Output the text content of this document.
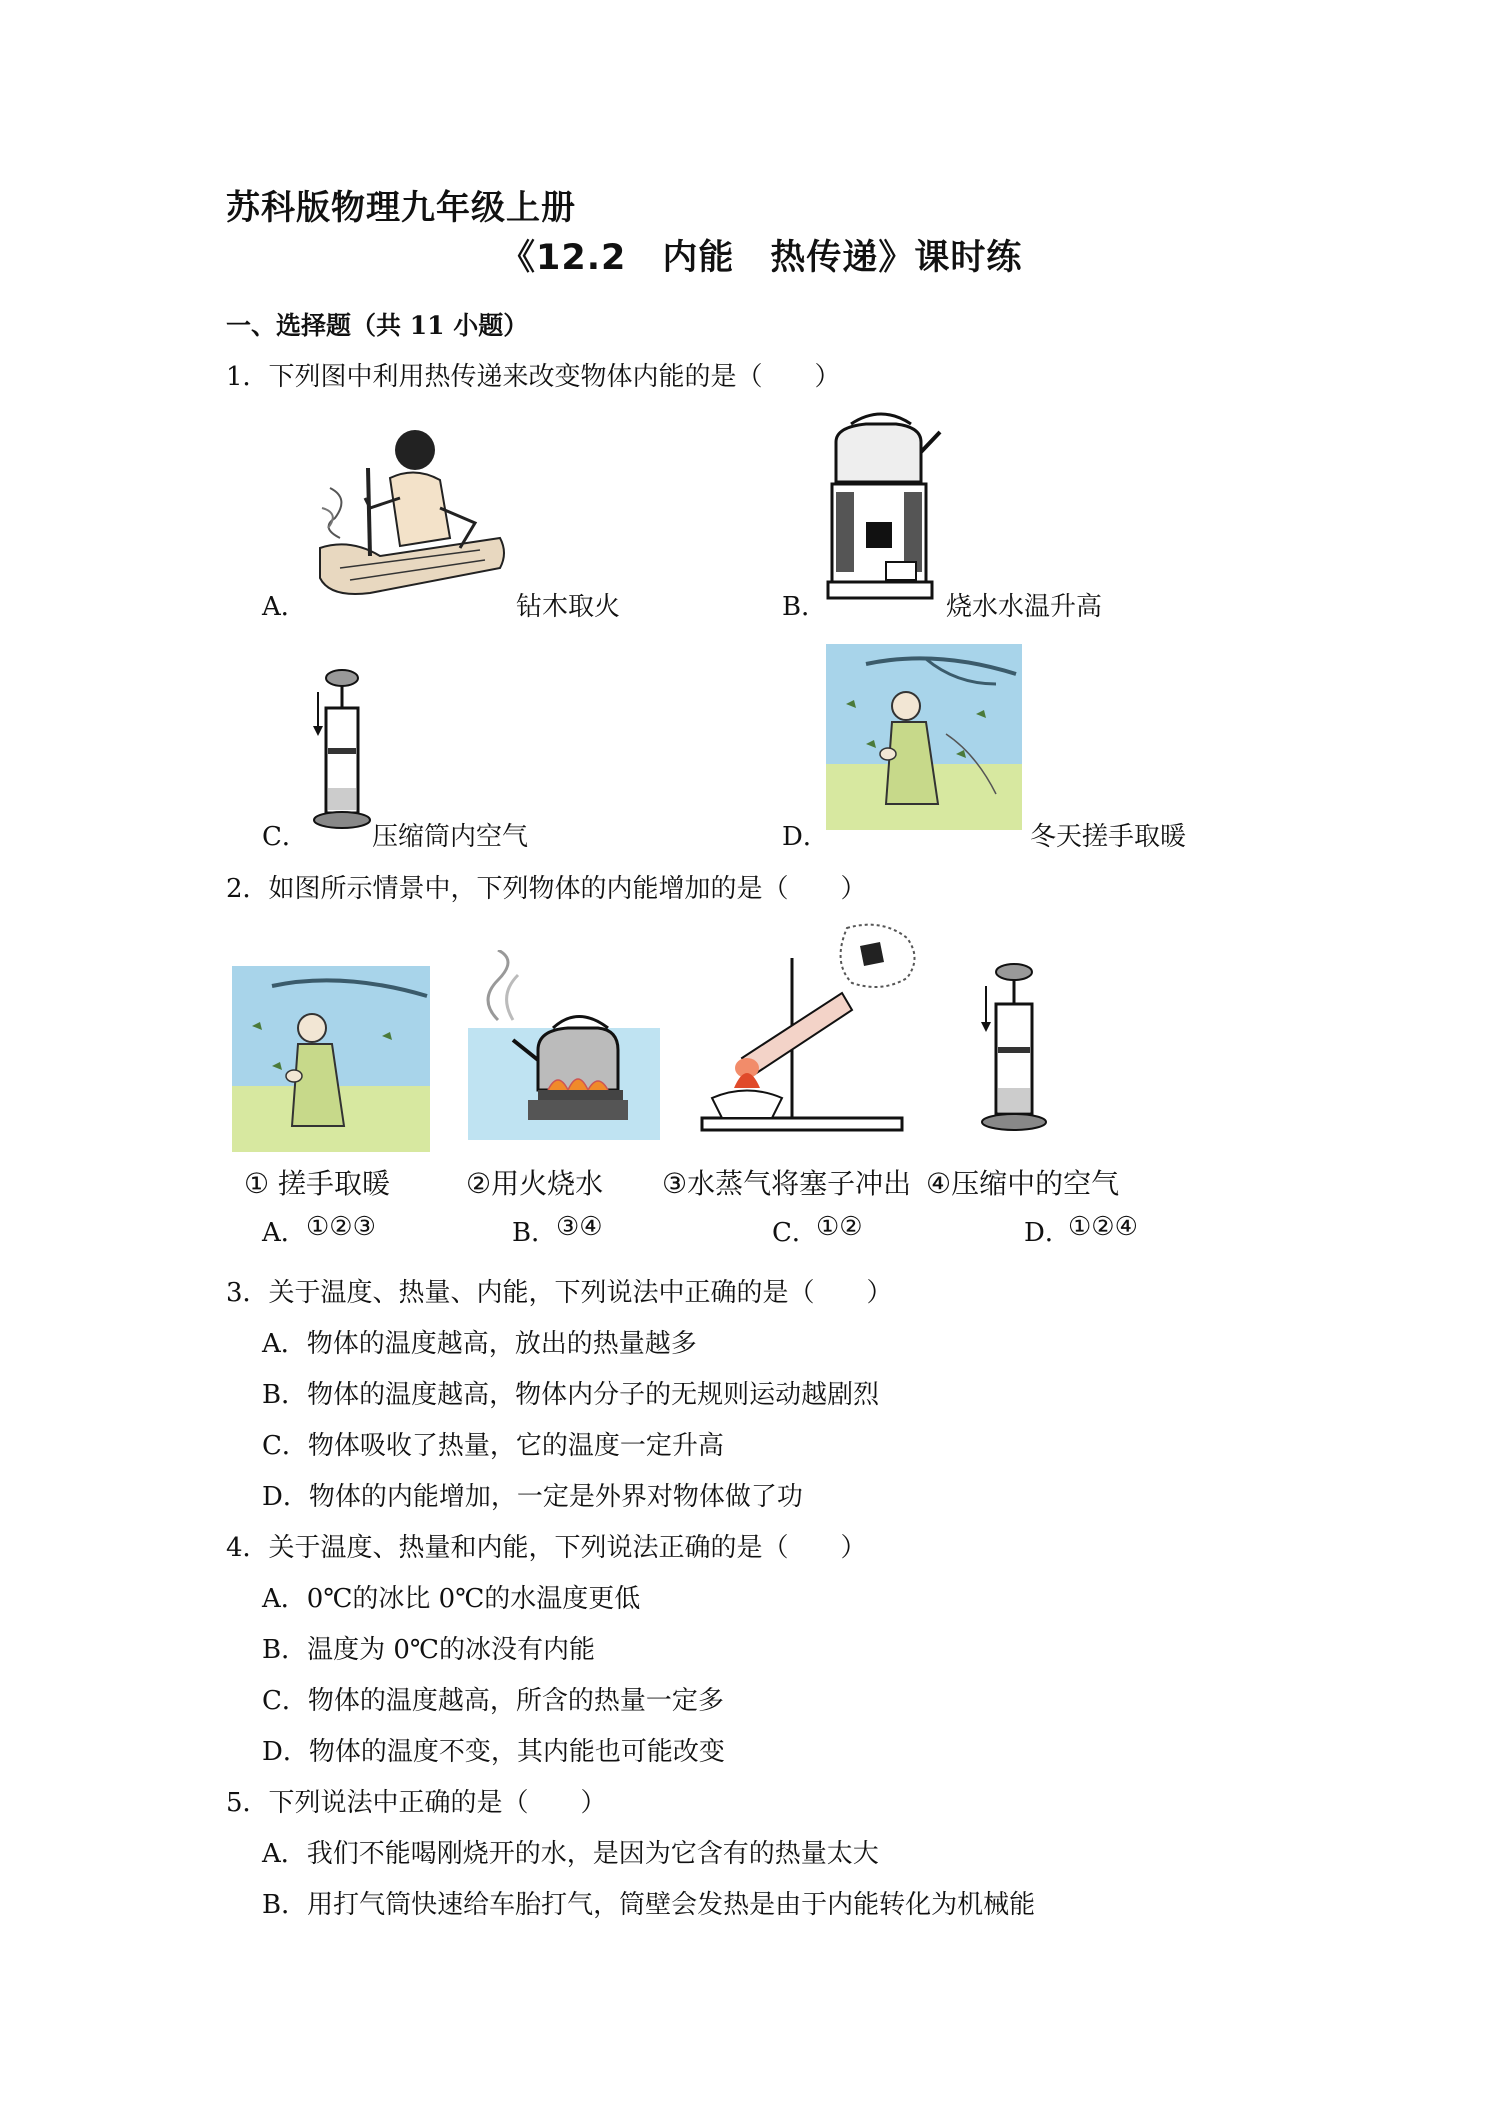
苏科版物理九年级上册
《12.2　内能　热传递》课时练
一、选择题（共 11 小题）
1．下列图中利用热传递来改变物体内能的是（　　）
A．	钻木取火	B．	烧水水温升高
C． 压缩筒内空气	D．	冬天搓手取暖
2．如图所示情景中，下列物体的内能增加的是（　　）
① 搓手取暖	②用火烧水 ③水蒸气将塞子冲出 ④压缩中的空气
A． ①②③	B．
③④	C．
①②	D．
①②④
3．关于温度、热量、内能，下列说法中正确的是（　　）
A．物体的温度越高，放出的热量越多
B．物体的温度越高，物体内分子的无规则运动越剧烈
C．物体吸收了热量，它的温度一定升高
D．物体的内能增加，一定是外界对物体做了功
4．关于温度、热量和内能，下列说法正确的是（　　）
A．0℃的冰比 0℃的水温度更低
B．温度为 0℃的冰没有内能
C．物体的温度越高，所含的热量一定多
D．物体的温度不变，其内能也可能改变
5．下列说法中正确的是（　　）
A．我们不能喝刚烧开的水，是因为它含有的热量太大
B．用打气筒快速给车胎打气，筒壁会发热是由于内能转化为机械能
